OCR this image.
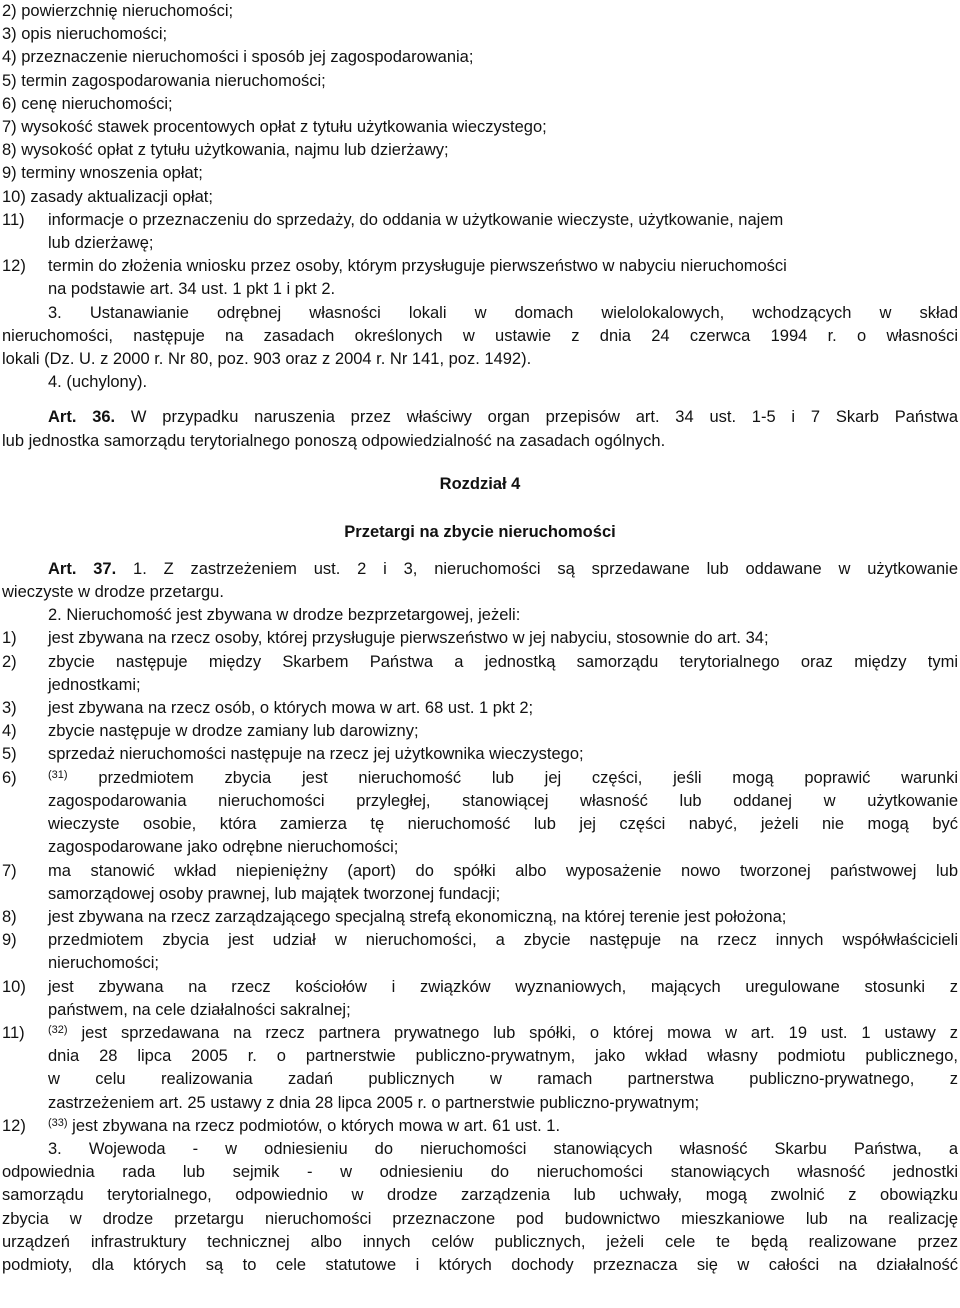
2) powierzchnię nieruchomości;
3) opis nieruchomości;
4) przeznaczenie nieruchomości i sposób jej zagospodarowania;
5) termin zagospodarowania nieruchomości;
6) cenę nieruchomości;
7) wysokość stawek procentowych opłat z tytułu użytkowania wieczystego;
8) wysokość opłat z tytułu użytkowania, najmu lub dzierżawy;
9) terminy wnoszenia opłat;
10) zasady aktualizacji opłat;
11) informacje o przeznaczeniu do sprzedaży, do oddania w użytkowanie wieczyste, użytkowanie, najem
lub dzierżawę;
12) termin do złożenia wniosku przez osoby, którym przysługuje pierwszeństwo w nabyciu nieruchomości
na podstawie art. 34 ust. 1 pkt 1 i pkt 2.
3. Ustanawianie odrębnej własności lokali w domach wielolokalowych, wchodzących w skład
nieruchomości, następuje na zasadach określonych w ustawie z dnia 24 czerwca 1994 r. o własności
lokali (Dz. U. z 2000 r. Nr 80, poz. 903 oraz z 2004 r. Nr 141, poz. 1492).
4. (uchylony).
Art. 36. W przypadku naruszenia przez właściwy organ przepisów art. 34 ust. 1-5 i 7 Skarb Państwa
lub jednostka samorządu terytorialnego ponoszą odpowiedzialność na zasadach ogólnych.
Rozdział 4
Przetargi na zbycie nieruchomości
Art. 37. 1. Z zastrzeżeniem ust. 2 i 3, nieruchomości są sprzedawane lub oddawane w użytkowanie
wieczyste w drodze przetargu.
2. Nieruchomość jest zbywana w drodze bezprzetargowej, jeżeli:
1) jest zbywana na rzecz osoby, której przysługuje pierwszeństwo w jej nabyciu, stosownie do art. 34;
2) zbycie następuje między Skarbem Państwa a jednostką samorządu terytorialnego oraz między tymi
jednostkami;
3) jest zbywana na rzecz osób, o których mowa w art. 68 ust. 1 pkt 2;
4) zbycie następuje w drodze zamiany lub darowizny;
5) sprzedaż nieruchomości następuje na rzecz jej użytkownika wieczystego;
6)	$^{(31)}$ przedmiotem zbycia jest nieruchomość lub jej części, jeśli mogą poprawić warunki
zagospodarowania nieruchomości przyległej, stanowiącej własność lub oddanej w użytkowanie
wieczyste osobie, która zamierza tę nieruchomość lub jej części nabyć, jeżeli nie mogą być
zagospodarowane jako odrębne nieruchomości;
7) ma stanowić wkład niepieniężny (aport) do spółki albo wyposażenie nowo tworzonej państwowej lub
samorządowej osoby prawnej, lub majątek tworzonej fundacji;
8) jest zbywana na rzecz zarządzającego specjalną strefą ekonomiczną, na której terenie jest położona;
9) przedmiotem zbycia jest udział w nieruchomości, a zbycie następuje na rzecz innych współwłaścicieli
nieruchomości;
10) jest zbywana na rzecz kościołów i związków wyznaniowych, mających uregulowane stosunki z
państwem, na cele działalności sakralnej;
11) $^{(32)}$ jest sprzedawana na rzecz partnera prywatnego lub spółki, o której mowa w art. 19 ust. 1 ustawy z
dnia 28 lipca 2005 r. o partnerstwie publiczno-prywatnym, jako wkład własny podmiotu publicznego,
w celu realizowania zadań publicznych w ramach partnerstwa publiczno-prywatnego, z
zastrzeżeniem art. 25 ustawy z dnia 28 lipca 2005 r. o partnerstwie publiczno-prywatnym;
12) $^{(33)}$ jest zbywana na rzecz podmiotów, o których mowa w art. 61 ust. 1.
3. Wojewoda - w odniesieniu do nieruchomości stanowiących własność Skarbu Państwa, a
odpowiednia rada lub sejmik - w odniesieniu do nieruchomości stanowiących własność jednostki
samorządu terytorialnego, odpowiednio w drodze zarządzenia lub uchwały, mogą zwolnić z obowiązku
zbycia w drodze przetargu nieruchomości przeznaczone pod budownictwo mieszkaniowe lub na realizację
urządzeń infrastruktury technicznej albo innych celów publicznych, jeżeli cele te będą realizowane przez
podmioty, dla których są to cele statutowe i których dochody przeznacza się w całości na działalność
